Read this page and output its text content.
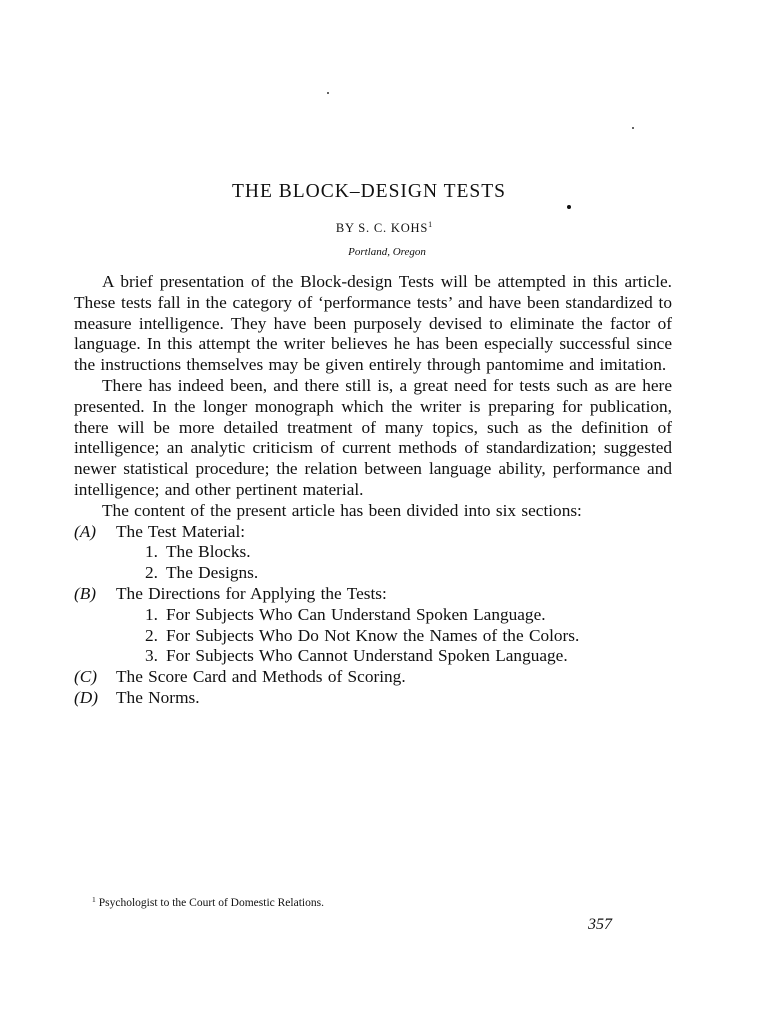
THE BLOCK–DESIGN TESTS
BY S. C. KOHS$^1$
Portland, Oregon

A brief presentation of the Block-design Tests will be attempted in this article. These tests fall in the category of ‘performance tests’ and have been standardized to measure intelligence. They have been purposely devised to eliminate the factor of language. In this attempt the writer believes he has been especially successful since the instructions themselves may be given entirely through pantomime and imitation.

There has indeed been, and there still is, a great need for tests such as are here presented. In the longer monograph which the writer is preparing for publication, there will be more detailed treatment of many topics, such as the definition of intelligence; an analytic criticism of current methods of standardization; suggested newer statistical procedure; the relation between language ability, performance and intelligence; and other pertinent material.

The content of the present article has been divided into six sections:

(A)	The Test Material:
1. The Blocks.
2. The Designs.
(B)	The Directions for Applying the Tests:
1. For Subjects Who Can Understand Spoken Language.
2. For Subjects Who Do Not Know the Names of the Colors.
3. For Subjects Who Cannot Understand Spoken Language.
(C)	The Score Card and Methods of Scoring.
(D)	The Norms.
$^1$ Psychologist to the Court of Domestic Relations.
357
